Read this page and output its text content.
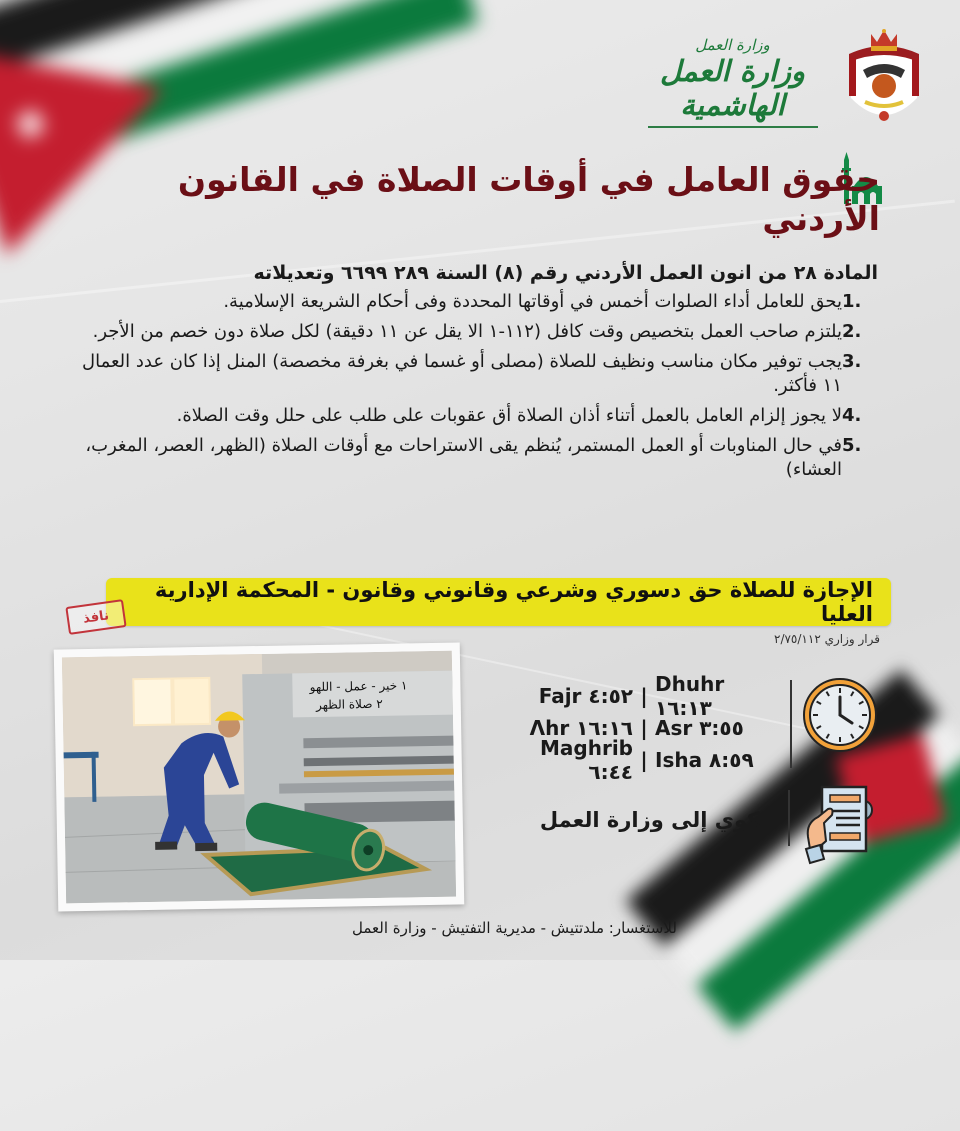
وزارة العمل
وزارة العمل الهاشمية
حقوق العامل في أوقات الصلاة في القانون الأردني
المادة ٢٨ من انون العمل الأردني رقم (٨) السنة ٢٨٩ ٦٦٩٩ وتعديلاته
1.
يحق للعامل أداء الصلوات أخمس في أوقاتها المحددة وفى أحكام الشريعة الإسلامية.
2.
يلتزم صاحب العمل بتخصيص وقت كافل (١١٢-١ الا يقل عن ١١ دقيقة) لكل صلاة دون خصم من الأجر.
3.
يجب توفير مكان مناسب ونظيف للصلاة (مصلى أو غسما في بغرفة مخصصة) المنل إذا كان عدد العمال ١١ فأكثر.
4.
لا يجوز إلزام العامل بالعمل أتناء أذان الصلاة أق عقوبات على طلب على حلل وقت الصلاة.
5.
في حال المناوبات أو العمل المستمر، يُنظم يقى الاستراحات مع أوقات الصلاة (الظهر، العصر، المغرب، العشاء)
الإجازة للصلاة حق دسوري وشرعي وقانوني وقانون - المحكمة الإدارية العليا
نافذ
قرار وزاري ٢/٧٥/١١٢
١ خير - عمل - اللهو
٢ صلاة الظهر	Fajr ٤:٥٢ | Dhuhr ١٦:١٣
Λhr ١٦:١٦ | Asr ٣:٥٥
Maghrib ٦:٤٤ | Isha ٨:٥٩
شكوي إلى وزارة العمل
للاستغسار: ملدتتيش - مديرية التفتيش - وزارة العمل
